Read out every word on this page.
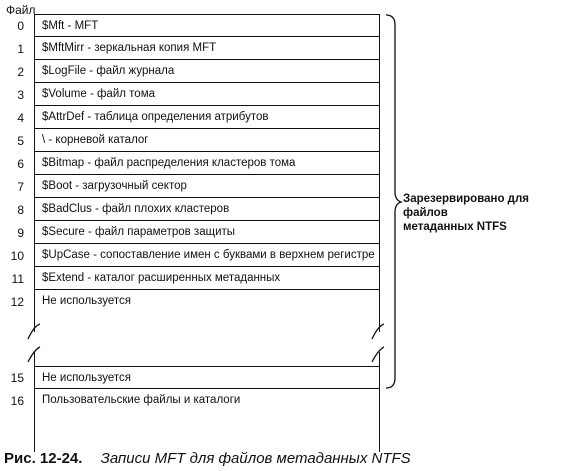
Файл
$Mft - MFT
$MftMirr - зеркальная копия MFT
$LogFile - файл журнала
$Volume - файл тома
$AttrDef - таблица определения атрибутов
\ - корневой каталог
$Bitmap - файл распределения кластеров тома
$Boot - загрузочный сектор
$BadClus - файл плохих кластеров
$Secure - файл параметров защиты
$UpCase - сопоставление имен с буквами в верхнем регистре
$Extend - каталог расширенных метаданных
Не используется
Не используется
Пользовательские файлы и каталоги
0
1
2
3
4
5
6
7
8
9
10
11
12
15
16
Зарезервировано для файлов
метаданных NTFS
Рис. 12-24. Записи MFT для файлов метаданных NTFS
